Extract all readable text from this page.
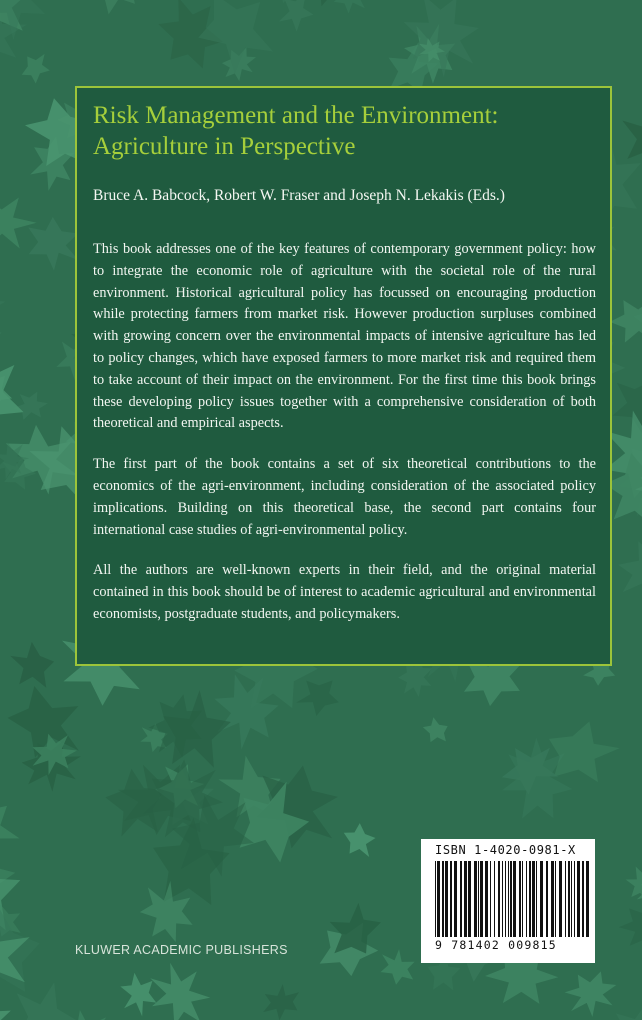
Risk Management and the Environment:
Agriculture in Perspective

Bruce A. Babcock, Robert W. Fraser and Joseph N. Lekakis (Eds.)

This book addresses one of the key features of contemporary government policy: how to integrate the economic role of agriculture with the societal role of the rural environment. Historical agricultural policy has focussed on encouraging production while protecting farmers from market risk. However production surpluses combined with growing concern over the environmental impacts of intensive agriculture has led to policy changes, which have exposed farmers to more market risk and required them to take account of their impact on the environment. For the first time this book brings these developing policy issues together with a comprehensive consideration of both theoretical and empirical aspects.

The first part of the book contains a set of six theoretical contributions to the economics of the agri-environment, including consideration of the associated policy implications. Building on this theoretical base, the second part contains four international case studies of agri-environmental policy.

All the authors are well-known experts in their field, and the original material contained in this book should be of interest to academic agricultural and environmental economists, postgraduate students, and policymakers.

ISBN 1-4020-0981-X
9 781402 009815
KLUWER ACADEMIC PUBLISHERS
